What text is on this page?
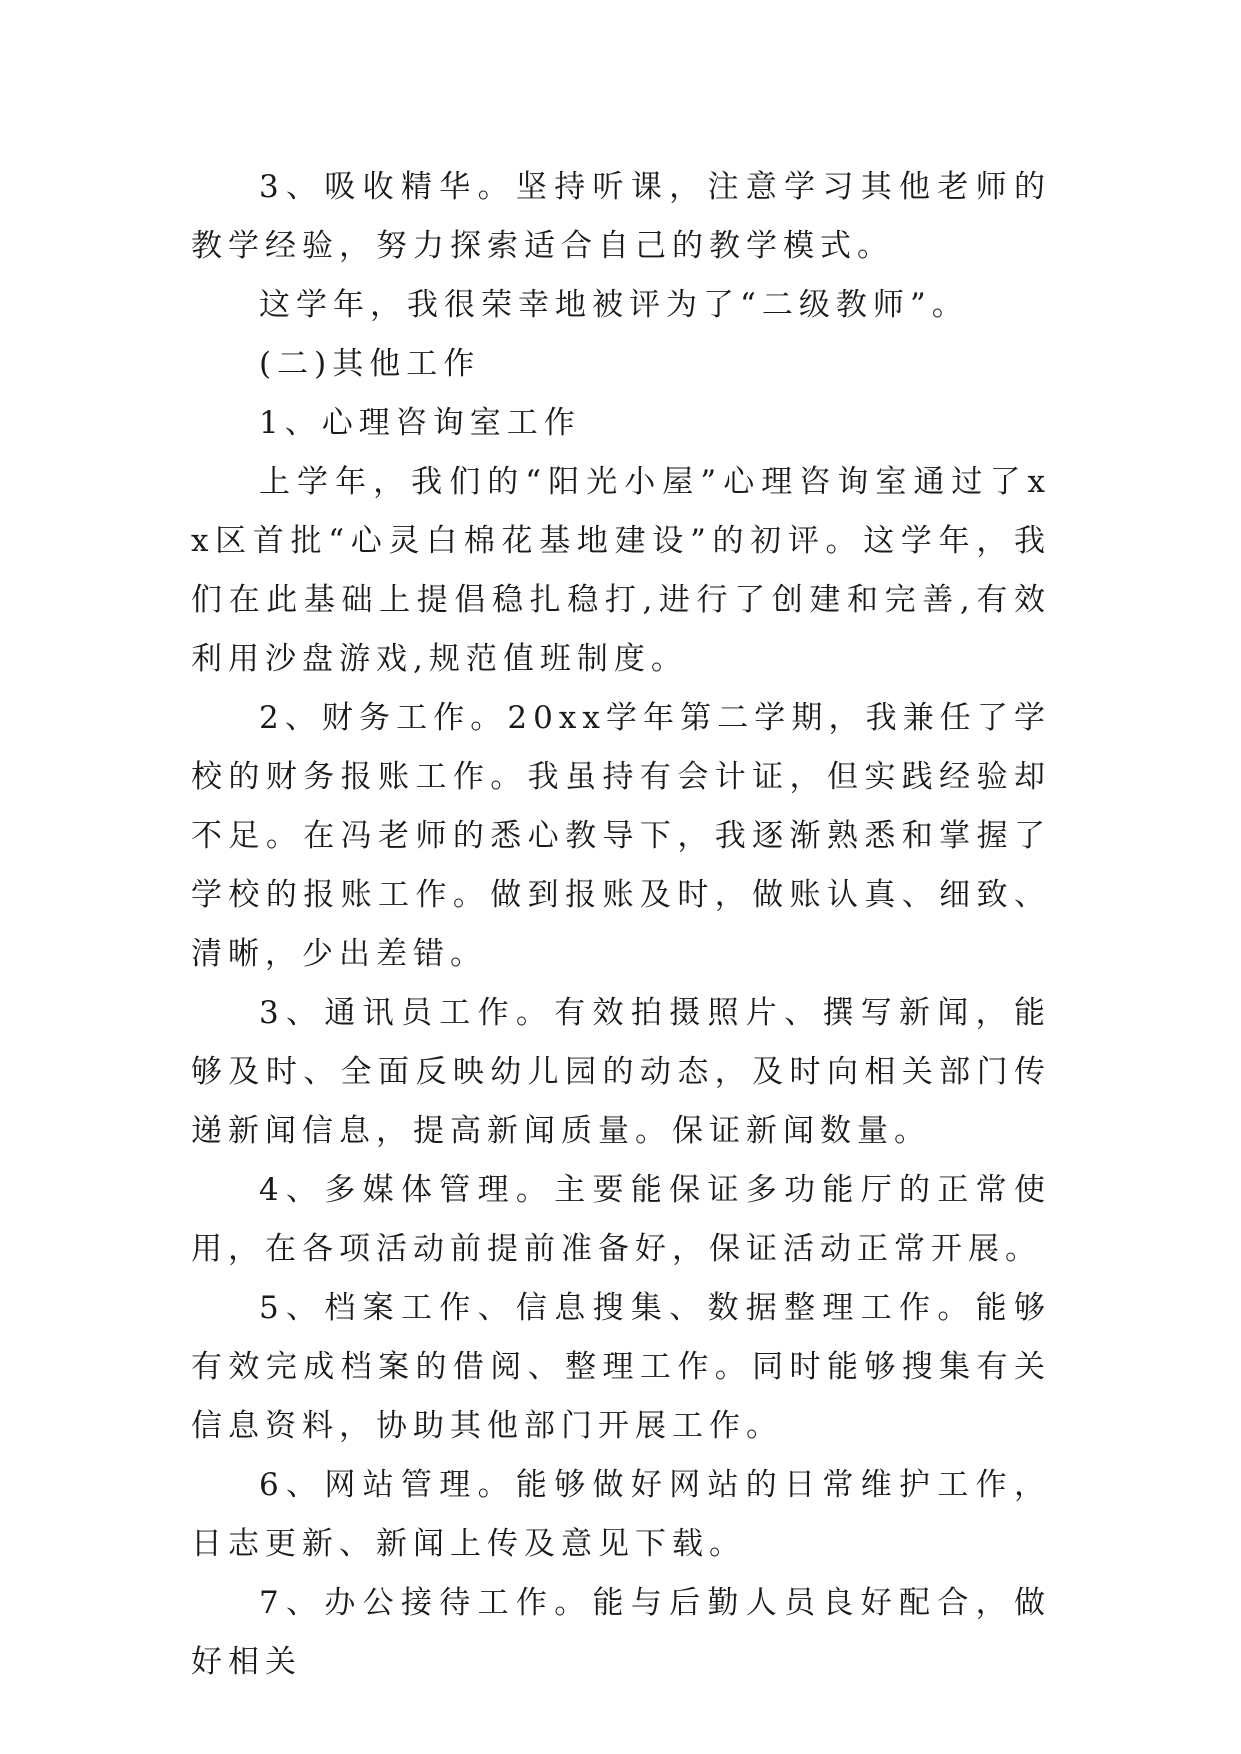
3、吸收精华。坚持听课，注意学习其他老师的教学经验，努力探索适合自己的教学模式。

这学年，我很荣幸地被评为了“二级教师”。

(二)其他工作

1、心理咨询室工作

上学年，我们的“阳光小屋”心理咨询室通过了xx区首批“心灵白棉花基地建设”的初评。这学年，我们在此基础上提倡稳扎稳打,进行了创建和完善,有效利用沙盘游戏,规范值班制度。

2、财务工作。20xx学年第二学期，我兼任了学校的财务报账工作。我虽持有会计证，但实践经验却不足。在冯老师的悉心教导下，我逐渐熟悉和掌握了学校的报账工作。做到报账及时，做账认真、细致、清晰，少出差错。

3、通讯员工作。有效拍摄照片、撰写新闻，能够及时、全面反映幼儿园的动态，及时向相关部门传递新闻信息，提高新闻质量。保证新闻数量。

4、多媒体管理。主要能保证多功能厅的正常使用，在各项活动前提前准备好，保证活动正常开展。

5、档案工作、信息搜集、数据整理工作。能够有效完成档案的借阅、整理工作。同时能够搜集有关信息资料，协助其他部门开展工作。

6、网站管理。能够做好网站的日常维护工作，日志更新、新闻上传及意见下载。

7、办公接待工作。能与后勤人员良好配合，做好相关
